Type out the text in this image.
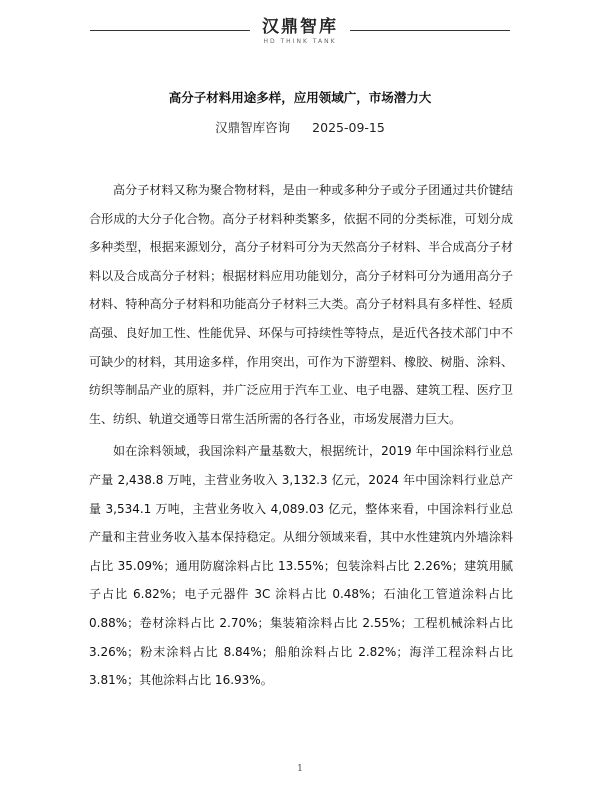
汉鼎智库
HD THINK TANK
高分子材料用途多样，应用领域广，市场潜力大
汉鼎智库咨询 2025-09-15

高分子材料又称为聚合物材料，是由一种或多种分子或分子团通过共价键结合形成的大分子化合物。高分子材料种类繁多，依据不同的分类标准，可划分成多种类型，根据来源划分，高分子材料可分为天然高分子材料、半合成高分子材料以及合成高分子材料；根据材料应用功能划分，高分子材料可分为通用高分子材料、特种高分子材料和功能高分子材料三大类。高分子材料具有多样性、轻质高强、良好加工性、性能优异、环保与可持续性等特点，是近代各技术部门中不可缺少的材料，其用途多样，作用突出，可作为下游塑料、橡胶、树脂、涂料、纺织等制品产业的原料，并广泛应用于汽车工业、电子电器、建筑工程、医疗卫生、纺织、轨道交通等日常生活所需的各行各业，市场发展潜力巨大。

如在涂料领域，我国涂料产量基数大，根据统计，2019 年中国涂料行业总产量 2,438.8 万吨，主营业务收入 3,132.3 亿元，2024 年中国涂料行业总产量 3,534.1 万吨，主营业务收入 4,089.03 亿元，整体来看，中国涂料行业总产量和主营业务收入基本保持稳定。从细分领域来看，其中水性建筑内外墙涂料占比 35.09%；通用防腐涂料占比 13.55%；包装涂料占比 2.26%；建筑用腻子占比 6.82%；电子元器件 3C 涂料占比 0.48%；石油化工管道涂料占比 0.88%；卷材涂料占比 2.70%；集装箱涂料占比 2.55%；工程机械涂料占比 3.26%；粉末涂料占比 8.84%；船舶涂料占比 2.82%；海洋工程涂料占比 3.81%；其他涂料占比 16.93%。

1
